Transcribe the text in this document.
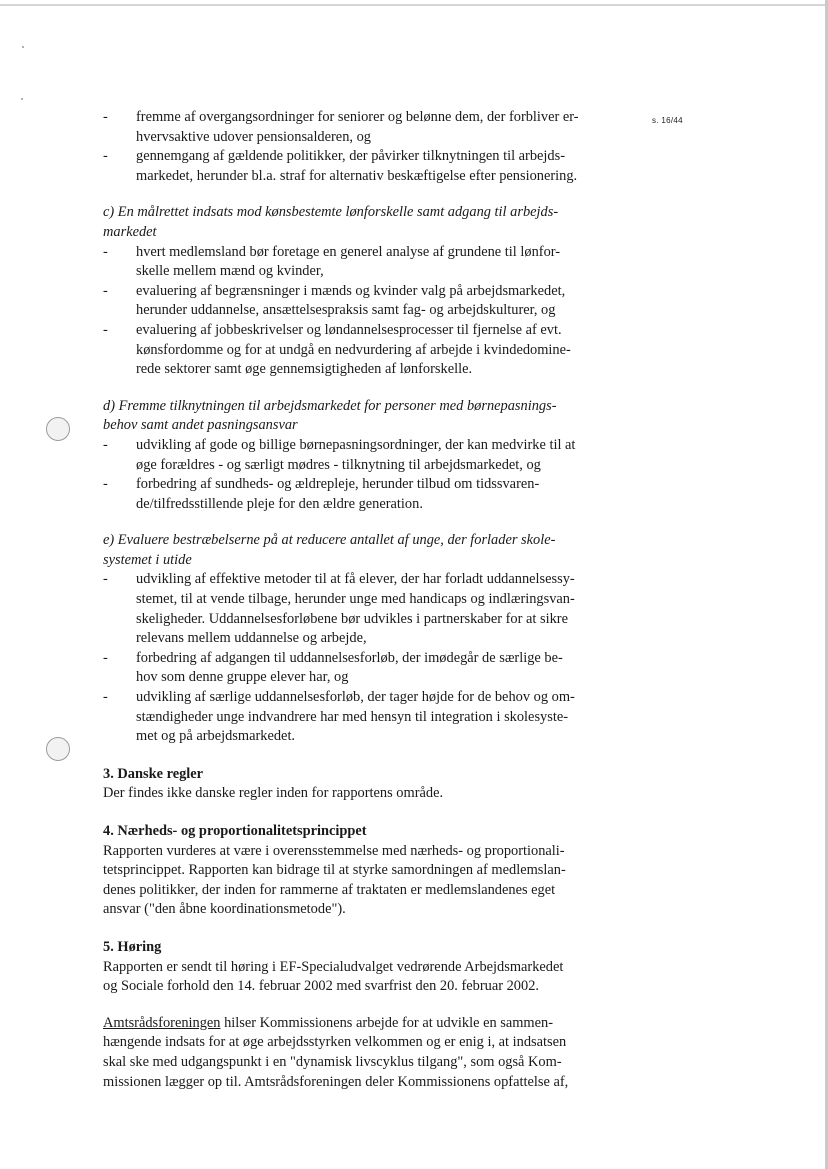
s. 16/44
- fremme af overgangsordninger for seniorer og belønne dem, der forbliver er-
hvervsaktive udover pensionsalderen, og
- gennemgang af gældende politikker, der påvirker tilknytningen til arbejds-
markedet, herunder bl.a. straf for alternativ beskæftigelse efter pensionering.
c) En målrettet indsats mod kønsbestemte lønforskelle samt adgang til arbejds-
markedet
- hvert medlemsland bør foretage en generel analyse af grundene til lønfor-
skelle mellem mænd og kvinder,
- evaluering af begrænsninger i mænds og kvinder valg på arbejdsmarkedet,
herunder uddannelse, ansættelsespraksis samt fag- og arbejdskulturer, og
- evaluering af jobbeskrivelser og løndannelsesprocesser til fjernelse af evt.
kønsfordomme og for at undgå en nedvurdering af arbejde i kvindedomine-
rede sektorer samt øge gennemsigtigheden af lønforskelle.
d) Fremme tilknytningen til arbejdsmarkedet for personer med børnepasnings-
behov samt andet pasningsansvar
- udvikling af gode og billige børnepasningsordninger, der kan medvirke til at
øge forældres - og særligt mødres - tilknytning til arbejdsmarkedet, og
- forbedring af sundheds- og ældrepleje, herunder tilbud om tidssvaren-
de/tilfredsstillende pleje for den ældre generation.
e) Evaluere bestræbelserne på at reducere antallet af unge, der forlader skole-
systemet i utide
- udvikling af effektive metoder til at få elever, der har forladt uddannelsessy-
stemet, til at vende tilbage, herunder unge med handicaps og indlæringsvan-
skeligheder. Uddannelsesforløbene bør udvikles i partnerskaber for at sikre
relevans mellem uddannelse og arbejde,
- forbedring af adgangen til uddannelsesforløb, der imødegår de særlige be-
hov som denne gruppe elever har, og
- udvikling af særlige uddannelsesforløb, der tager højde for de behov og om-
stændigheder unge indvandrere har med hensyn til integration i skolesyste-
met og på arbejdsmarkedet.
3. Danske regler
Der findes ikke danske regler inden for rapportens område.
4. Nærheds- og proportionalitetsprincippet
Rapporten vurderes at være i overensstemmelse med nærheds- og proportionali-
tetsprincippet. Rapporten kan bidrage til at styrke samordningen af medlemslan-
denes politikker, der inden for rammerne af traktaten er medlemslandenes eget
ansvar ("den åbne koordinationsmetode").
5. Høring
Rapporten er sendt til høring i EF-Specialudvalget vedrørende Arbejdsmarkedet
og Sociale forhold den 14. februar 2002 med svarfrist den 20. februar 2002.
Amtsrådsforeningen hilser Kommissionens arbejde for at udvikle en sammen-
hængende indsats for at øge arbejdsstyrken velkommen og er enig i, at indsatsen
skal ske med udgangspunkt i en "dynamisk livscyklus tilgang", som også Kom-
missionen lægger op til. Amtsrådsforeningen deler Kommissionens opfattelse af,
